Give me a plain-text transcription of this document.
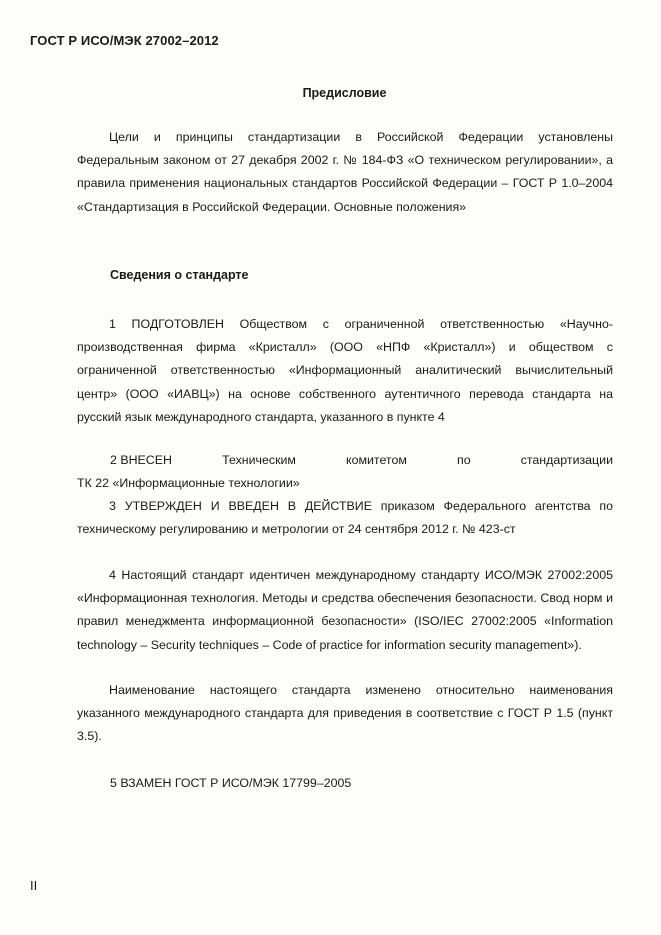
ГОСТ Р ИСО/МЭК 27002–2012
Предисловие
Цели и принципы стандартизации в Российской Федерации установлены Федеральным законом от 27 декабря 2002 г. № 184-ФЗ «О техническом регулировании», а правила применения национальных стандартов Российской Федерации – ГОСТ Р 1.0–2004 «Стандартизация в Российской Федерации. Основные положения»
Сведения о стандарте
1 ПОДГОТОВЛЕН Обществом с ограниченной ответственностью «Научно-производственная фирма «Кристалл» (ООО «НПФ «Кристалл») и обществом с ограниченной ответственностью «Информационный аналитический вычислительный центр» (ООО «ИАВЦ») на основе собственного аутентичного перевода стандарта на русский язык международного стандарта, указанного в пункте 4
2 ВНЕСЕН	Техническим	комитетом	по	стандартизации
ТК 22 «Информационные технологии»
3 УТВЕРЖДЕН И ВВЕДЕН В ДЕЙСТВИЕ приказом Федерального агентства по техническому регулированию и метрологии от 24 сентября 2012 г. № 423-ст
4 Настоящий стандарт идентичен международному стандарту ИСО/МЭК 27002:2005 «Информационная технология. Методы и средства обеспечения безопасности. Свод норм и правил менеджмента информационной безопасности» (ISO/IEC 27002:2005 «Information technology – Security techniques – Code of practice for information security management»).
Наименование настоящего стандарта изменено относительно наименования указанного международного стандарта для приведения в соответствие с ГОСТ Р 1.5 (пункт 3.5).
5 ВЗАМЕН ГОСТ Р ИСО/МЭК 17799–2005
II
